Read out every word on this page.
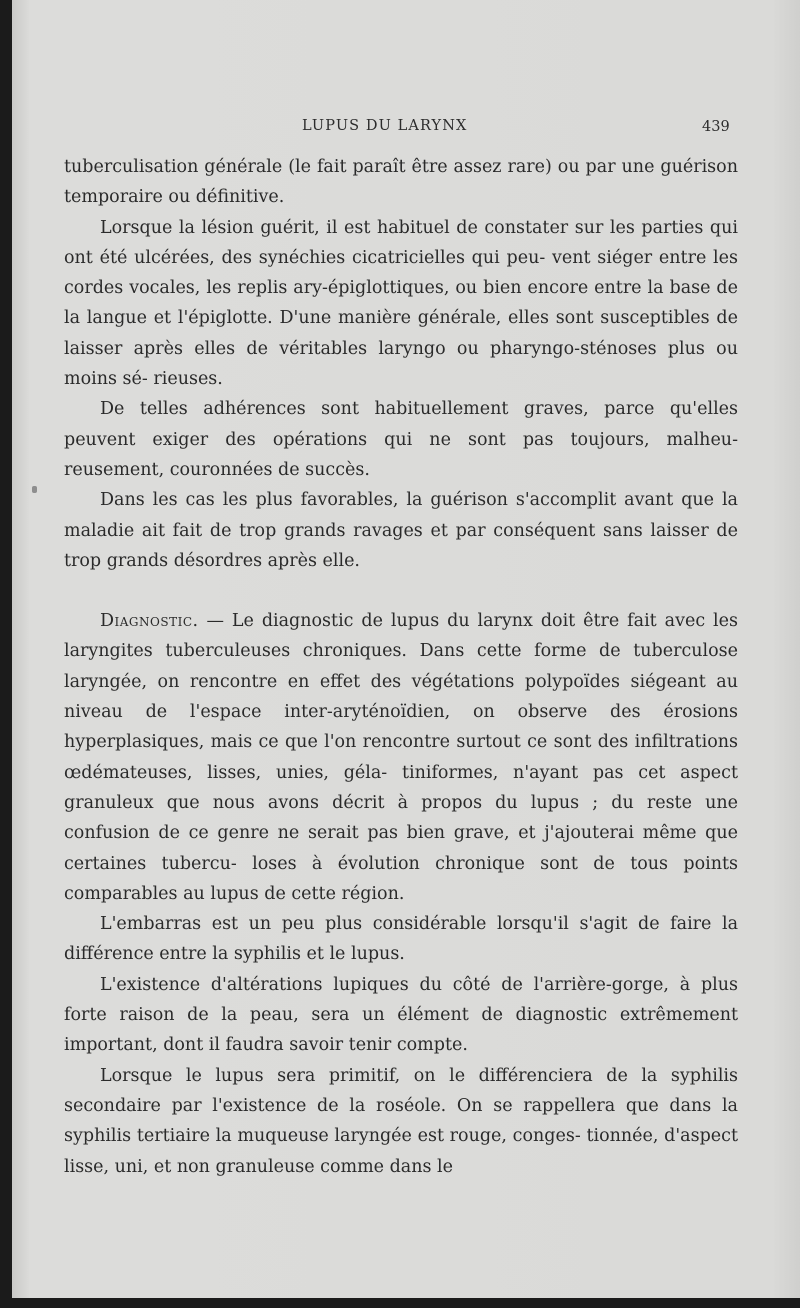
LUPUS DU LARYNX	439

tuberculisation générale (le fait paraît être assez rare) ou par une guérison temporaire ou définitive.

Lorsque la lésion guérit, il est habituel de constater sur les parties qui ont été ulcérées, des synéchies cicatricielles qui peu- vent siéger entre les cordes vocales, les replis ary-épiglottiques, ou bien encore entre la base de la langue et l'épiglotte. D'une manière générale, elles sont susceptibles de laisser après elles de véritables laryngo ou pharyngo-sténoses plus ou moins sé- rieuses.

De telles adhérences sont habituellement graves, parce qu'elles peuvent exiger des opérations qui ne sont pas toujours, malheu- reusement, couronnées de succès.

Dans les cas les plus favorables, la guérison s'accomplit avant que la maladie ait fait de trop grands ravages et par conséquent sans laisser de trop grands désordres après elle.

Diagnostic. — Le diagnostic de lupus du larynx doit être fait avec les laryngites tuberculeuses chroniques. Dans cette forme de tuberculose laryngée, on rencontre en effet des végétations polypoïdes siégeant au niveau de l'espace inter-aryténoïdien, on observe des érosions hyperplasiques, mais ce que l'on rencontre surtout ce sont des infiltrations œdémateuses, lisses, unies, géla- tiniformes, n'ayant pas cet aspect granuleux que nous avons décrit à propos du lupus ; du reste une confusion de ce genre ne serait pas bien grave, et j'ajouterai même que certaines tubercu- loses à évolution chronique sont de tous points comparables au lupus de cette région.

L'embarras est un peu plus considérable lorsqu'il s'agit de faire la différence entre la syphilis et le lupus.

L'existence d'altérations lupiques du côté de l'arrière-gorge, à plus forte raison de la peau, sera un élément de diagnostic extrêmement important, dont il faudra savoir tenir compte.

Lorsque le lupus sera primitif, on le différenciera de la syphilis secondaire par l'existence de la roséole. On se rappellera que dans la syphilis tertiaire la muqueuse laryngée est rouge, conges- tionnée, d'aspect lisse, uni, et non granuleuse comme dans le
